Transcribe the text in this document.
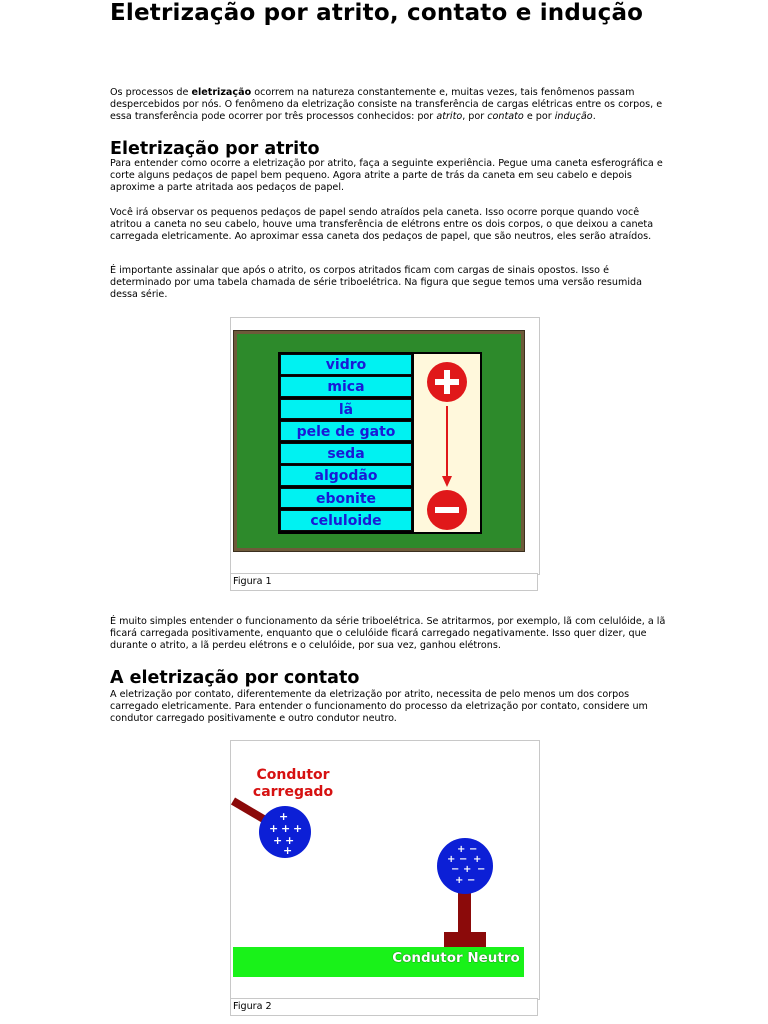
Eletrização por atrito, contato e indução

Os processos de eletrização ocorrem na natureza constantemente e, muitas vezes, tais fenômenos passam despercebidos por nós. O fenômeno da eletrização consiste na transferência de cargas elétricas entre os corpos, e essa transferência pode ocorrer por três processos conhecidos: por atrito, por contato e por indução.

Eletrização por atrito

Para entender como ocorre a eletrização por atrito, faça a seguinte experiência. Pegue uma caneta esferográfica e corte alguns pedaços de papel bem pequeno. Agora atrite a parte de trás da caneta em seu cabelo e depois aproxime a parte atritada aos pedaços de papel.

Você irá observar os pequenos pedaços de papel sendo atraídos pela caneta. Isso ocorre porque quando você atritou a caneta no seu cabelo, houve uma transferência de elétrons entre os dois corpos, o que deixou a caneta carregada eletricamente. Ao aproximar essa caneta dos pedaços de papel, que são neutros, eles serão atraídos.

É importante assinalar que após o atrito, os corpos atritados ficam com cargas de sinais opostos. Isso é determinado por uma tabela chamada de série triboelétrica. Na figura que segue temos uma versão resumida dessa série.

vidro
mica
lã
pele de gato
seda
algodão
ebonite
celuloide
Figura 1

É muito simples entender o funcionamento da série triboelétrica. Se atritarmos, por exemplo, lã com celulóide, a lã ficará carregada positivamente, enquanto que o celulóide ficará carregado negativamente. Isso quer dizer, que durante o atrito, a lã perdeu elétrons e o celulóide, por sua vez, ganhou elétrons.

A eletrização por contato

A eletrização por contato, diferentemente da eletrização por atrito, necessita de pelo menos um dos corpos carregado eletricamente. Para entender o funcionamento do processo da eletrização por contato, considere um condutor carregado positivamente e outro condutor neutro.

Condutor
carregado
+
+ + +
+ +
+	+ −
+ − +
− + −
+ −
Condutor Neutro
Figura 2
